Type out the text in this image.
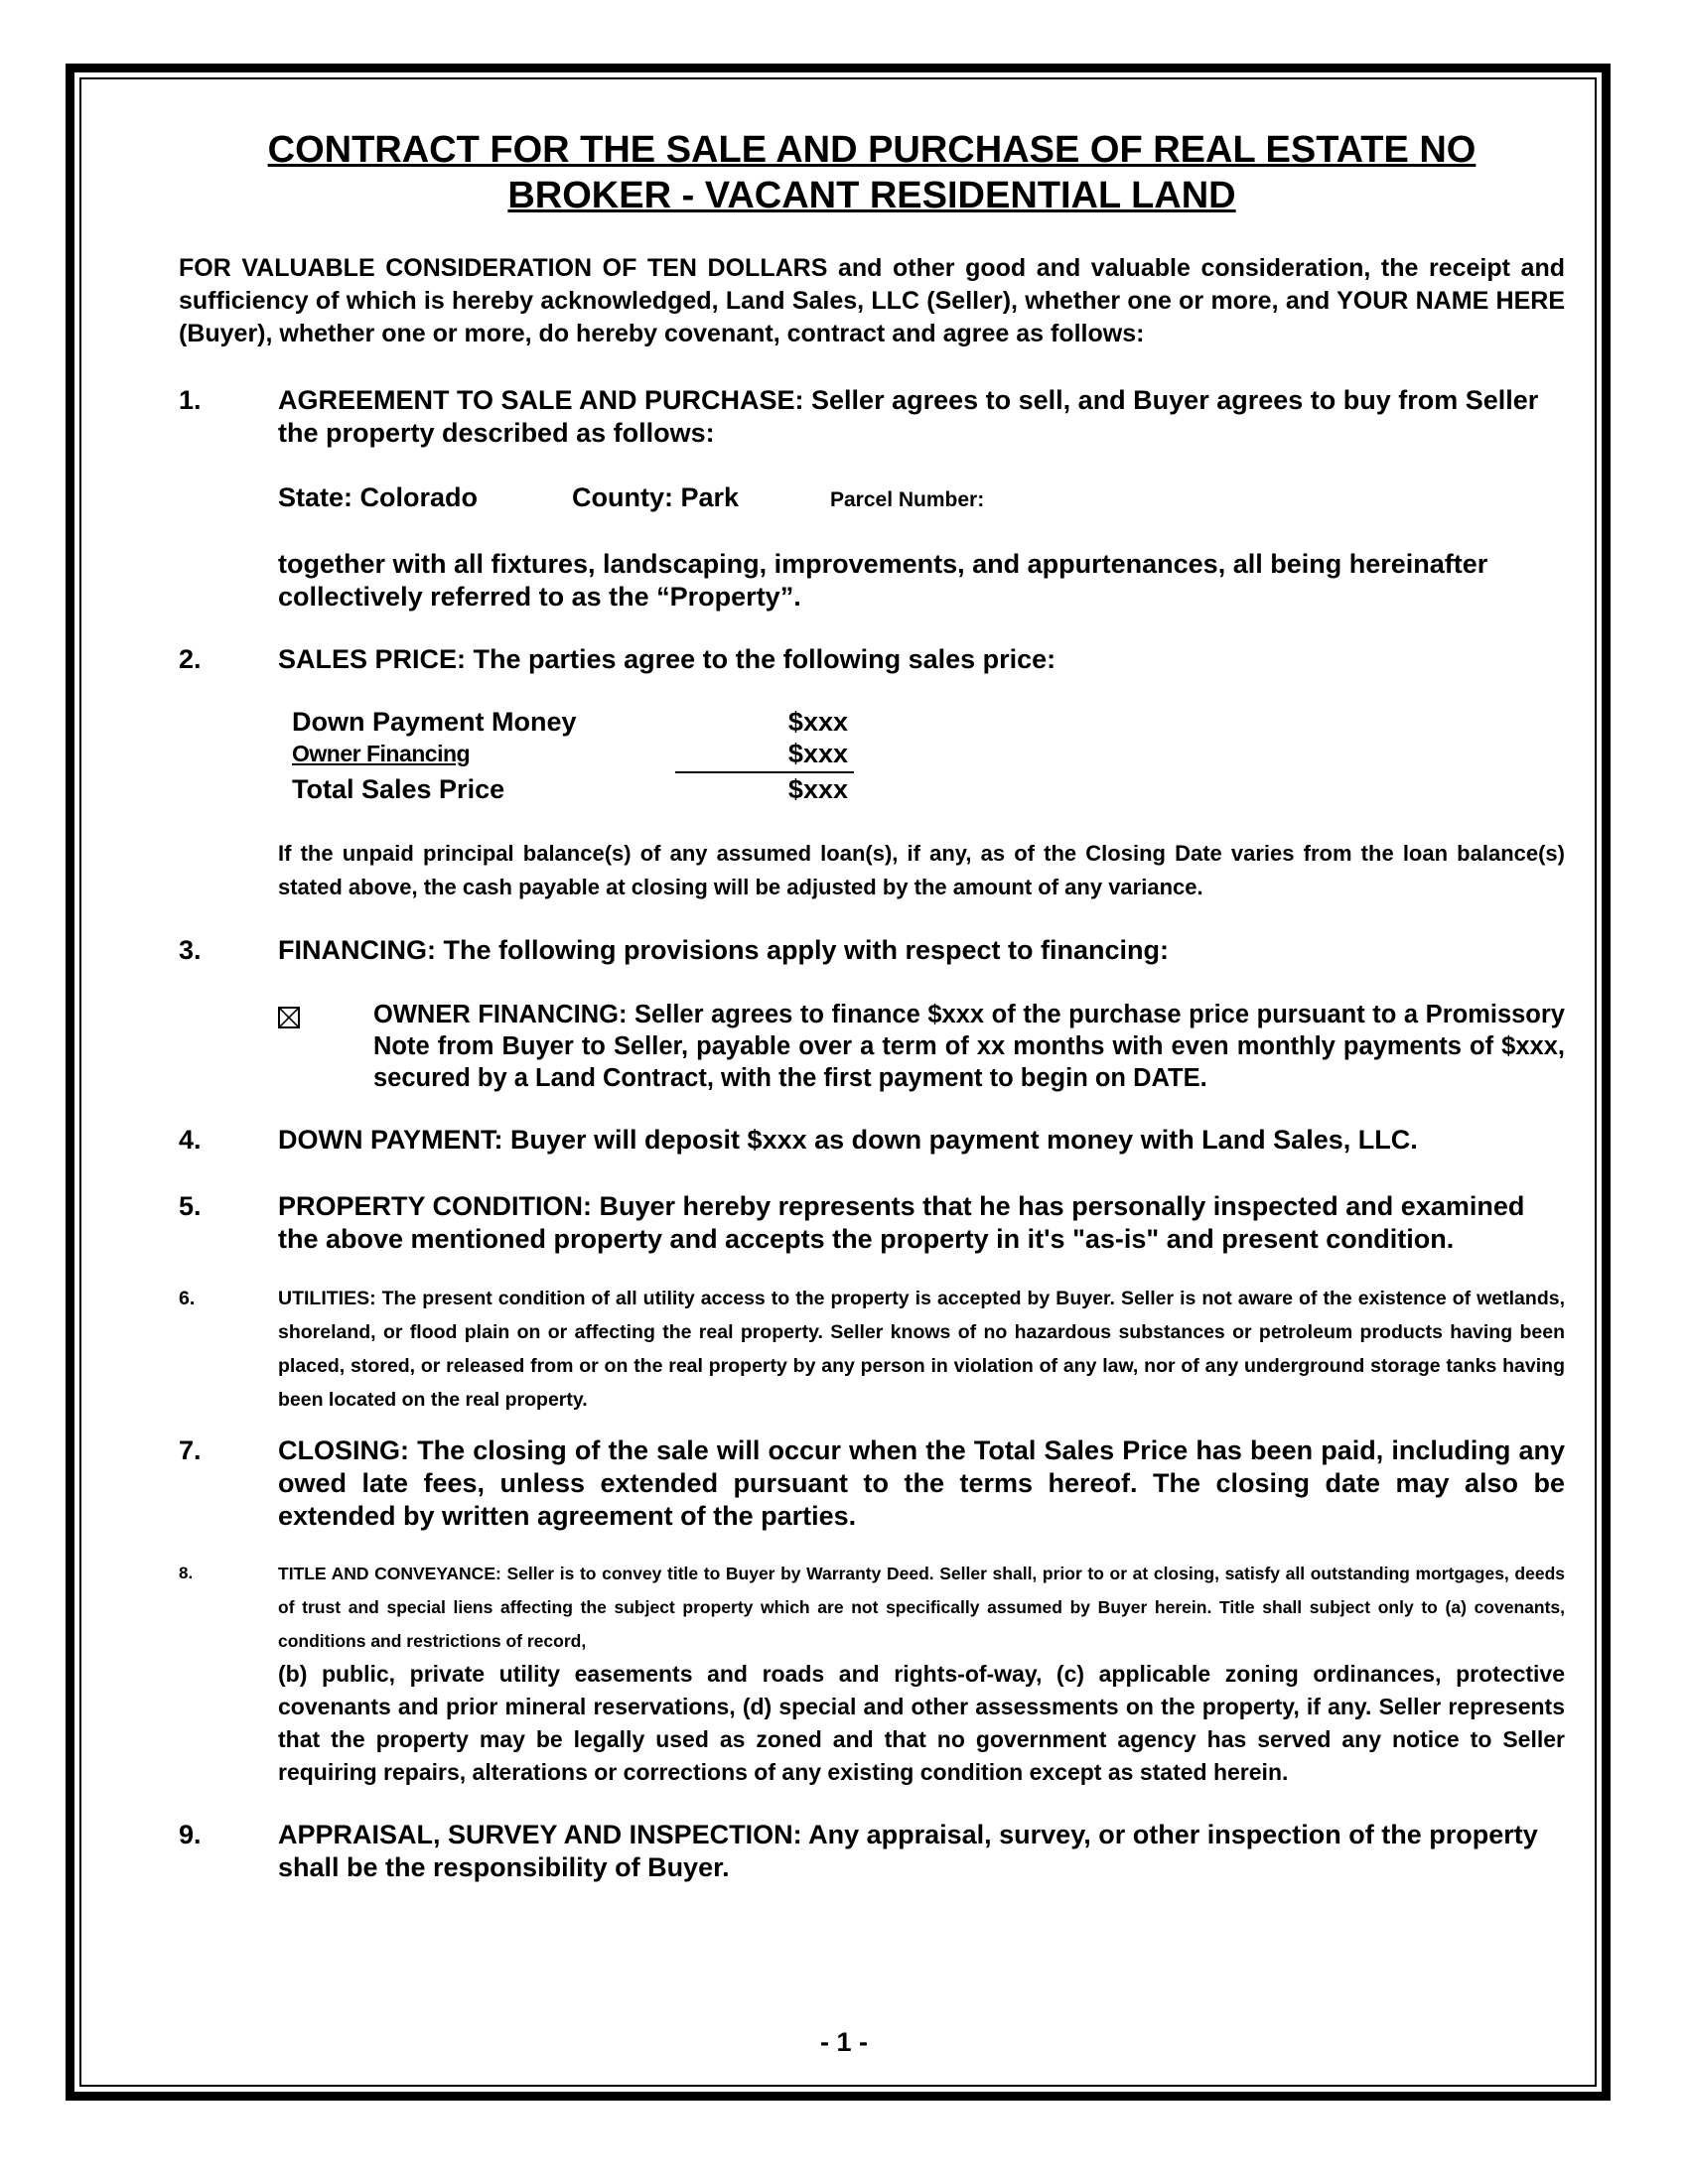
CONTRACT FOR THE SALE AND PURCHASE OF REAL ESTATE NO
BROKER - VACANT RESIDENTIAL LAND
FOR VALUABLE CONSIDERATION OF TEN DOLLARS and other good and valuable consideration, the receipt and sufficiency of which is hereby acknowledged, Land Sales, LLC (Seller), whether one or more, and YOUR NAME HERE (Buyer), whether one or more, do hereby covenant, contract and agree as follows:
1.	AGREEMENT TO SALE AND PURCHASE: Seller agrees to sell, and Buyer agrees to buy from Seller the property described as follows:
State: Colorado	County: Park	Parcel Number:
together with all fixtures, landscaping, improvements, and appurtenances, all being hereinafter collectively referred to as the “Property”.
2.	SALES PRICE: The parties agree to the following sales price:
Down Payment Money	$xxx
Owner Financing	$xxx
Total Sales Price	$xxx
If the unpaid principal balance(s) of any assumed loan(s), if any, as of the Closing Date varies from the loan balance(s) stated above, the cash payable at closing will be adjusted by the amount of any variance.
3.	FINANCING: The following provisions apply with respect to financing:
OWNER FINANCING: Seller agrees to finance $xxx of the purchase price pursuant to a Promissory Note from Buyer to Seller, payable over a term of xx months with even monthly payments of $xxx, secured by a Land Contract, with the first payment to begin on DATE.
4.	DOWN PAYMENT: Buyer will deposit $xxx as down payment money with Land Sales, LLC.
5.	PROPERTY CONDITION: Buyer hereby represents that he has personally inspected and examined the above mentioned property and accepts the property in it's "as-is" and present condition.
6.	UTILITIES: The present condition of all utility access to the property is accepted by Buyer. Seller is not aware of the existence of wetlands, shoreland, or flood plain on or affecting the real property. Seller knows of no hazardous substances or petroleum products having been placed, stored, or released from or on the real property by any person in violation of any law, nor of any underground storage tanks having been located on the real property.
7.	CLOSING: The closing of the sale will occur when the Total Sales Price has been paid, including any owed late fees, unless extended pursuant to the terms hereof. The closing date may also be extended by written agreement of the parties.
8.	TITLE AND CONVEYANCE: Seller is to convey title to Buyer by Warranty Deed. Seller shall, prior to or at closing, satisfy all outstanding mortgages, deeds of trust and special liens affecting the subject property which are not specifically assumed by Buyer herein. Title shall subject only to (a) covenants, conditions and restrictions of record,
(b) public, private utility easements and roads and rights-of-way, (c) applicable zoning ordinances, protective covenants and prior mineral reservations, (d) special and other assessments on the property, if any. Seller represents that the property may be legally used as zoned and that no government agency has served any notice to Seller requiring repairs, alterations or corrections of any existing condition except as stated herein.
9.	APPRAISAL, SURVEY AND INSPECTION: Any appraisal, survey, or other inspection of the property shall be the responsibility of Buyer.
- 1 -
